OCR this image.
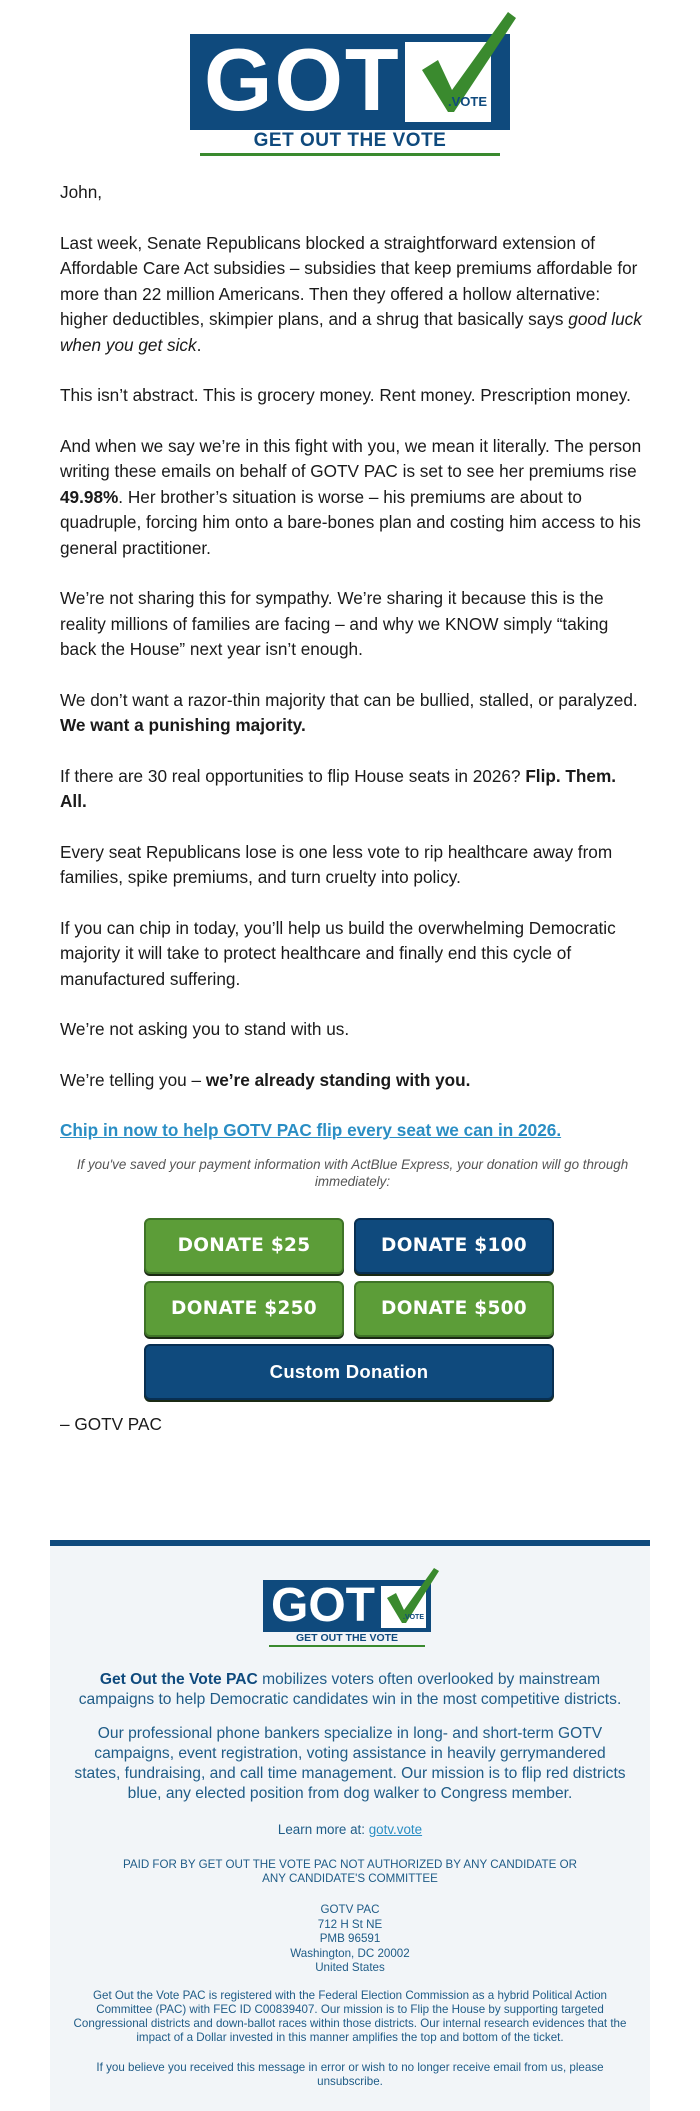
GOT	.VOTE
GET OUT THE VOTE

John,

Last week, Senate Republicans blocked a straightforward extension of Affordable Care Act subsidies – subsidies that keep premiums affordable for more than 22 million Americans. Then they offered a hollow alternative: higher deductibles, skimpier plans, and a shrug that basically says good luck when you get sick.

This isn’t abstract. This is grocery money. Rent money. Prescription money.

And when we say we’re in this fight with you, we mean it literally. The person writing these emails on behalf of GOTV PAC is set to see her premiums rise 49.98%. Her brother’s situation is worse – his premiums are about to quadruple, forcing him onto a bare-bones plan and costing him access to his general practitioner.

We’re not sharing this for sympathy. We’re sharing it because this is the reality millions of families are facing – and why we KNOW simply “taking back the House” next year isn’t enough.

We don’t want a razor-thin majority that can be bullied, stalled, or paralyzed. We want a punishing majority.

If there are 30 real opportunities to flip House seats in 2026? Flip. Them. All.

Every seat Republicans lose is one less vote to rip healthcare away from families, spike premiums, and turn cruelty into policy.

If you can chip in today, you’ll help us build the overwhelming Democratic majority it will take to protect healthcare and finally end this cycle of manufactured suffering.

We’re not asking you to stand with us.

We’re telling you – we’re already standing with you.

Chip in now to help GOTV PAC flip every seat we can in 2026.

If you've saved your payment information with ActBlue Express, your donation will go through immediately:
DONATE $25	DONATE $100
DONATE $250	DONATE $500
Custom Donation
– GOTV PAC
GOT	.VOTE
GET OUT THE VOTE
Get Out the Vote PAC mobilizes voters often overlooked by mainstream campaigns to help Democratic candidates win in the most competitive districts.
Our professional phone bankers specialize in long- and short-term GOTV campaigns, event registration, voting assistance in heavily gerrymandered states, fundraising, and call time management. Our mission is to flip red districts blue, any elected position from dog walker to Congress member.
Learn more at: gotv.vote
PAID FOR BY GET OUT THE VOTE PAC NOT AUTHORIZED BY ANY CANDIDATE OR ANY CANDIDATE'S COMMITTEE
GOTV PAC
712 H St NE
PMB 96591
Washington, DC 20002
United States
Get Out the Vote PAC is registered with the Federal Election Commission as a hybrid Political Action Committee (PAC) with FEC ID C00839407. Our mission is to Flip the House by supporting targeted Congressional districts and down-ballot races within those districts. Our internal research evidences that the impact of a Dollar invested in this manner amplifies the top and bottom of the ticket.
If you believe you received this message in error or wish to no longer receive email from us, please unsubscribe.
